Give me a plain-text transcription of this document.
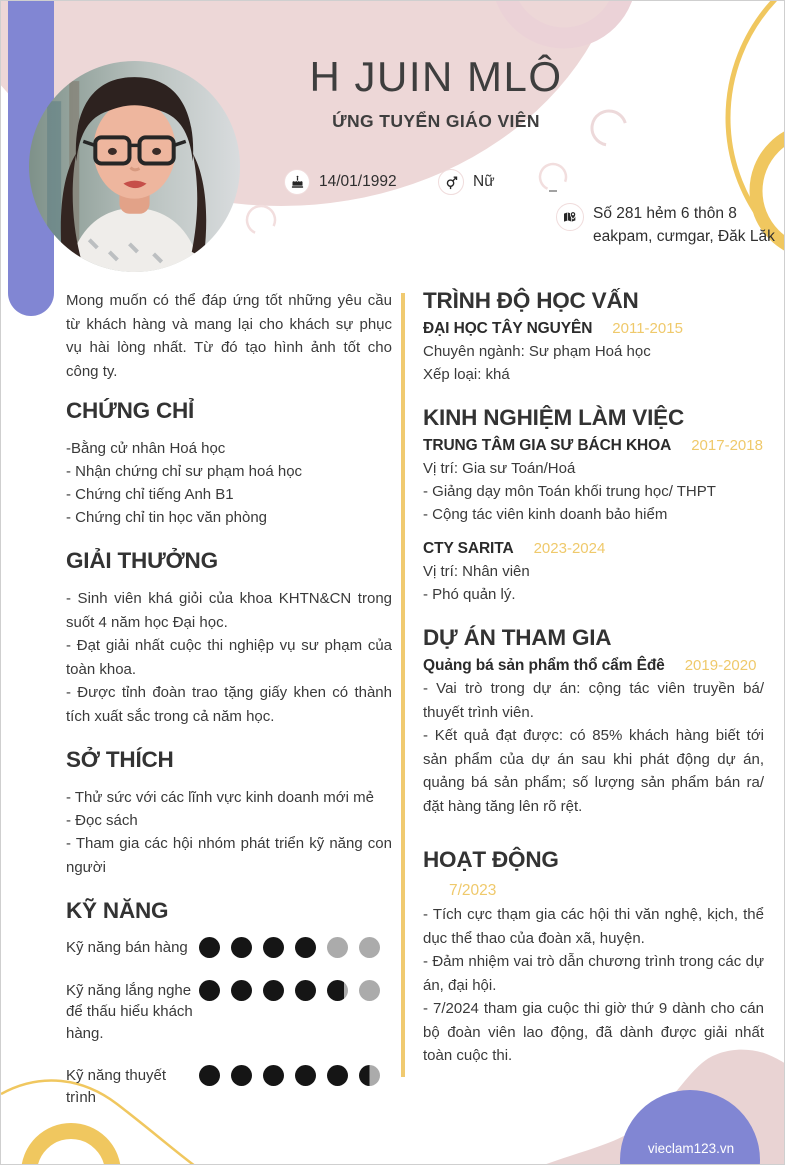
H JUIN MLÔ
ỨNG TUYỂN GIÁO VIÊN
14/01/1992	Nữ
Số 281 hẻm 6 thôn 8
eakpam, cưmgar, Đăk Lăk

Mong muốn có thể đáp ứng tốt những yêu cầu từ khách hàng và mang lại cho khách sự phục vụ hài lòng nhất. Từ đó tạo hình ảnh tốt cho công ty.

CHỨNG CHỈ
-Bằng cử nhân Hoá học
- Nhận chứng chỉ sư phạm hoá học
- Chứng chỉ tiếng Anh B1
- Chứng chỉ tin học văn phòng
GIẢI THƯỞNG

- Sinh viên khá giỏi của khoa KHTN&CN trong suốt 4 năm học Đại học.

- Đạt giải nhất cuộc thi nghiệp vụ sư phạm của toàn khoa.

- Được tỉnh đoàn trao tặng giấy khen có thành tích xuất sắc trong cả năm học.

SỞ THÍCH
- Thử sức với các lĩnh vực kinh doanh mới mẻ
- Đọc sách

- Tham gia các hội nhóm phát triển kỹ năng con người

KỸ NĂNG
Kỹ năng bán hàng
Kỹ năng lắng nghe để thấu hiểu khách hàng.
Kỹ năng thuyết trình
TRÌNH ĐỘ HỌC VẤN
ĐẠI HỌC TÂY NGUYÊN 2011-2015
Chuyên ngành: Sư phạm Hoá học
Xếp loại: khá
KINH NGHIỆM LÀM VIỆC
TRUNG TÂM GIA SƯ BÁCH KHOA 2017-2018
Vị trí: Gia sư Toán/Hoá
- Giảng dạy môn Toán khối trung học/ THPT
- Cộng tác viên kinh doanh bảo hiểm
CTY SARITA 2023-2024
Vị trí: Nhân viên
- Phó quản lý.
DỰ ÁN THAM GIA
Quảng bá sản phẩm thổ cẩm Êđê 2019-2020

- Vai trò trong dự án: cộng tác viên truyền bá/ thuyết trình viên.

- Kết quả đạt được: có 85% khách hàng biết tới sản phẩm của dự án sau khi phát động dự án, quảng bá sản phẩm; số lượng sản phẩm bán ra/đặt hàng tăng lên rõ rệt.

HOẠT ĐỘNG
7/2023

- Tích cực thạm gia các hội thi văn nghệ, kịch, thể dục thể thao của đoàn xã, huyện.

- Đảm nhiệm vai trò dẫn chương trình trong các dự án, đại hội.

- 7/2024 tham gia cuộc thi giờ thứ 9 dành cho cán bộ đoàn viên lao động, đã dành được giải nhất toàn cuộc thi.

vieclam123.vn
